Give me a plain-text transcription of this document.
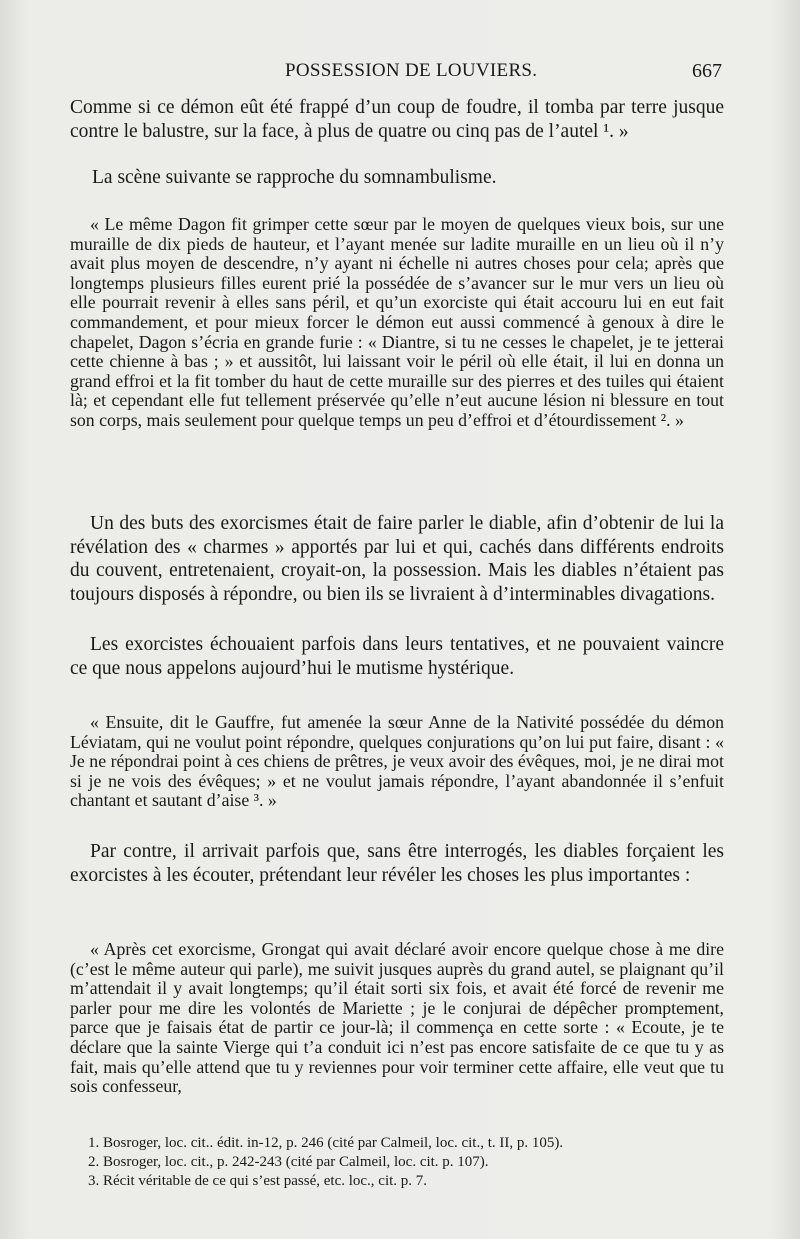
POSSESSION DE LOUVIERS.	667

Comme si ce démon eût été frappé d’un coup de foudre, il tomba par terre jusque contre le balustre, sur la face, à plus de quatre ou cinq pas de l’autel ¹. »

La scène suivante se rapproche du somnambulisme.

« Le même Dagon fit grimper cette sœur par le moyen de quelques vieux bois, sur une muraille de dix pieds de hauteur, et l’ayant menée sur ladite muraille en un lieu où il n’y avait plus moyen de descendre, n’y ayant ni échelle ni autres choses pour cela; après que longtemps plusieurs filles eurent prié la possédée de s’avancer sur le mur vers un lieu où elle pourrait revenir à elles sans péril, et qu’un exorciste qui était accouru lui en eut fait commandement, et pour mieux forcer le démon eut aussi commencé à genoux à dire le chapelet, Dagon s’écria en grande furie : « Diantre, si tu ne cesses le chapelet, je te jetterai cette chienne à bas ; » et aussitôt, lui laissant voir le péril où elle était, il lui en donna un grand effroi et la fit tomber du haut de cette muraille sur des pierres et des tuiles qui étaient là; et cependant elle fut tellement préservée qu’elle n’eut aucune lésion ni blessure en tout son corps, mais seulement pour quelque temps un peu d’effroi et d’étourdissement ². »

Un des buts des exorcismes était de faire parler le diable, afin d’obtenir de lui la révélation des « charmes » apportés par lui et qui, cachés dans différents endroits du couvent, entretenaient, croyait-on, la possession. Mais les diables n’étaient pas toujours disposés à répondre, ou bien ils se livraient à d’interminables divagations.

Les exorcistes échouaient parfois dans leurs tentatives, et ne pouvaient vaincre ce que nous appelons aujourd’hui le mutisme hystérique.

« Ensuite, dit le Gauffre, fut amenée la sœur Anne de la Nativité possédée du démon Léviatam, qui ne voulut point répondre, quelques conjurations qu’on lui put faire, disant : « Je ne répondrai point à ces chiens de prêtres, je veux avoir des évêques, moi, je ne dirai mot si je ne vois des évêques; » et ne voulut jamais répondre, l’ayant abandonnée il s’enfuit chantant et sautant d’aise ³. »

Par contre, il arrivait parfois que, sans être interrogés, les diables forçaient les exorcistes à les écouter, prétendant leur révéler les choses les plus importantes :

« Après cet exorcisme, Grongat qui avait déclaré avoir encore quelque chose à me dire (c’est le même auteur qui parle), me suivit jusques auprès du grand autel, se plaignant qu’il m’attendait il y avait longtemps; qu’il était sorti six fois, et avait été forcé de revenir me parler pour me dire les volontés de Mariette ; je le conjurai de dépêcher promptement, parce que je faisais état de partir ce jour-là; il commença en cette sorte : « Ecoute, je te déclare que la sainte Vierge qui t’a conduit ici n’est pas encore satisfaite de ce que tu y as fait, mais qu’elle attend que tu y reviennes pour voir terminer cette affaire, elle veut que tu sois confesseur,

1. Bosroger, loc. cit.. édit. in-12, p. 246 (cité par Calmeil, loc. cit., t. II, p. 105).
2. Bosroger, loc. cit., p. 242-243 (cité par Calmeil, loc. cit. p. 107).
3. Récit véritable de ce qui s’est passé, etc. loc., cit. p. 7.
